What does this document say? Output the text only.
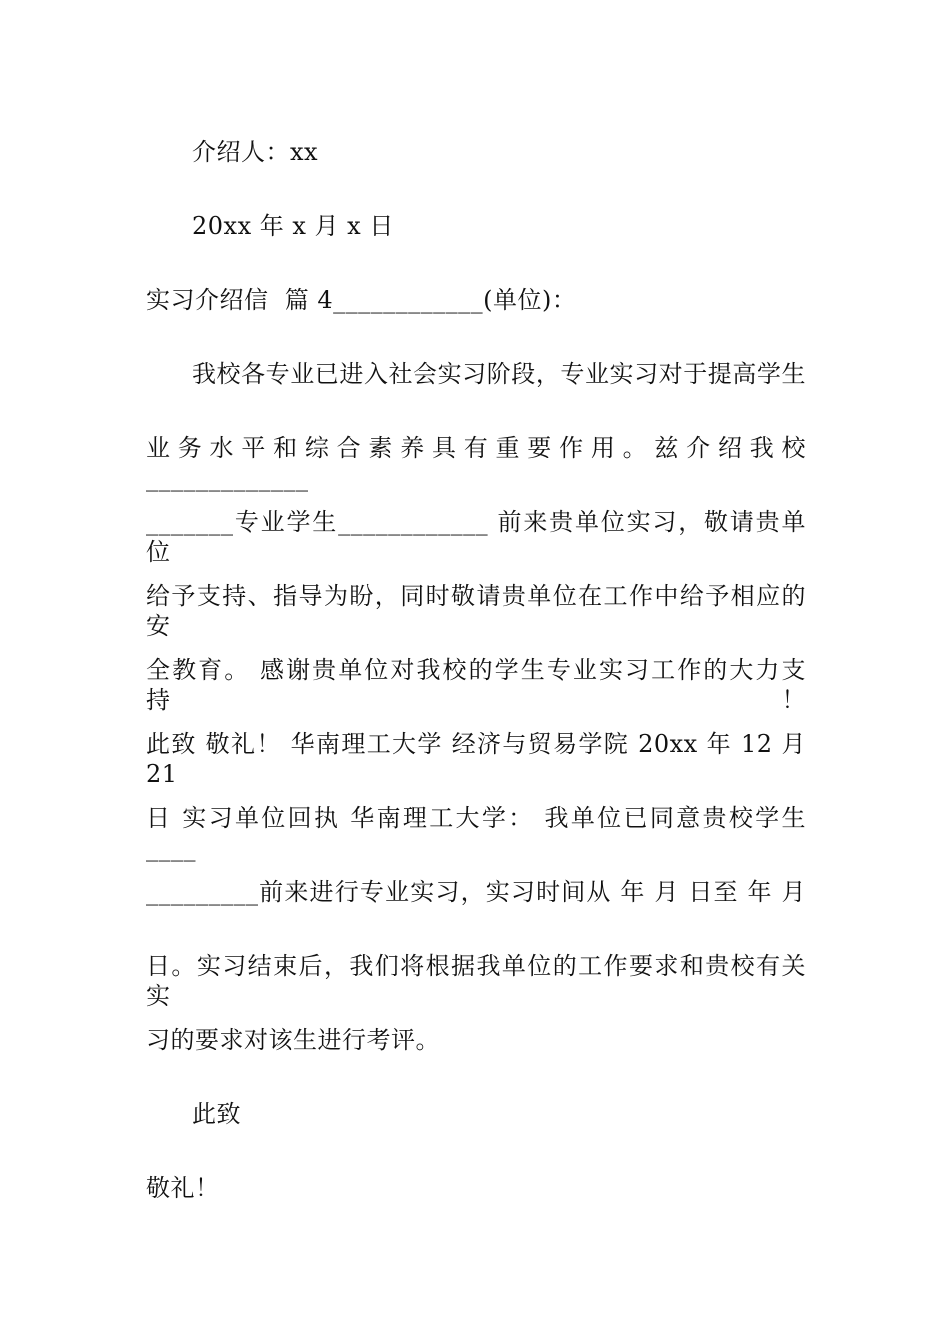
介绍人：xx
20xx 年 x 月 x 日
实习介绍信  篇 4____________(单位)：
我校各专业已进入社会实习阶段，专业实习对于提高学生
业务水平和综合素养具有重要作用。兹介绍我校_____________
_______专业学生____________ 前来贵单位实习，敬请贵单位
给予支持、指导为盼，同时敬请贵单位在工作中给予相应的安
全教育。 感谢贵单位对我校的学生专业实习工作的大力支持！
此致 敬礼！ 华南理工大学 经济与贸易学院 20xx 年 12 月 21
日 实习单位回执 华南理工大学： 我单位已同意贵校学生____
_________前来进行专业实习，实习时间从 年 月 日至 年 月
日。实习结束后，我们将根据我单位的工作要求和贵校有关实
习的要求对该生进行考评。
此致
敬礼！
